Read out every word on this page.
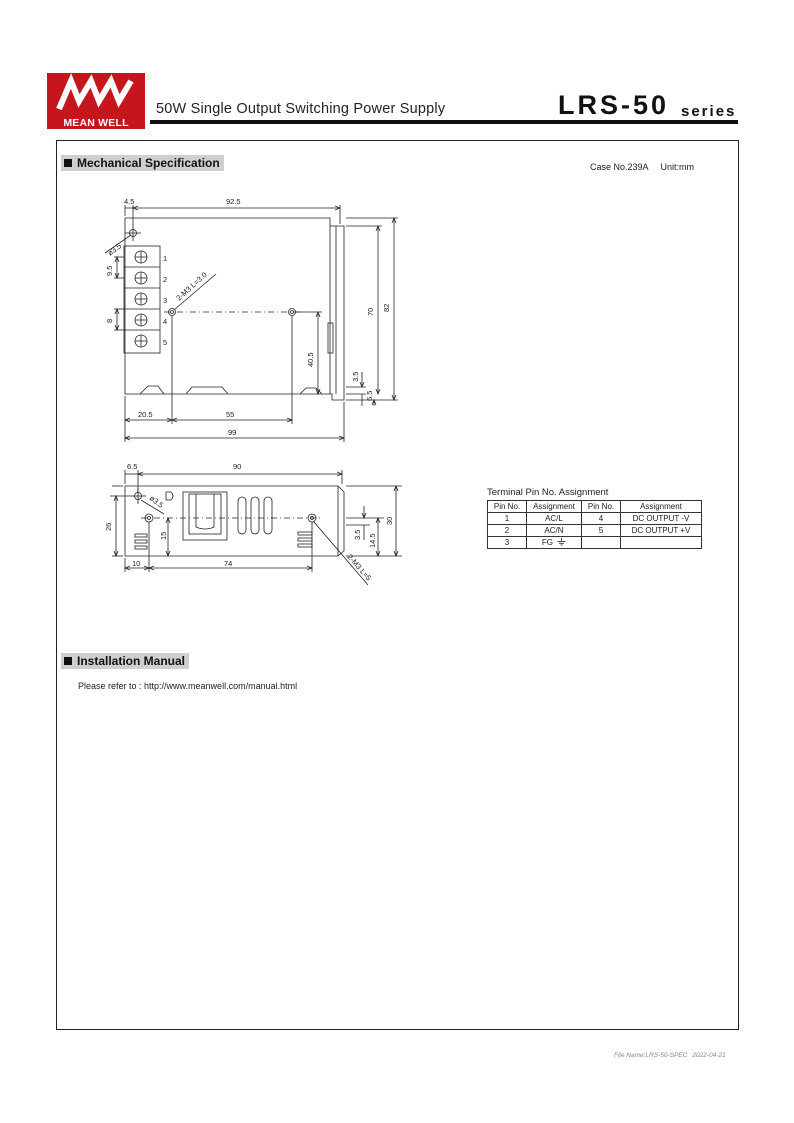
MEAN WELL
50W Single Output Switching Power Supply	LRS-50 series
Mechanical Specification	Case No.239A Unit:mm
4.5	92.5
ø3.5
9.5
8
2-M3 L=3.0
70 82
40.5
3.5
6.5
20.5	55
99
1
2
3
4
5
6.5	90
ø3.5
26
15	3.5 14.5
30
10	74	2-M3 L=5
Terminal Pin No. Assignment
Pin No.	Assignment	Pin No.	Assignment
1	AC/L	4	DC OUTPUT -V
2	AC/N	5	DC OUTPUT +V
3	FG		
Installation Manual
Please refer to : http://www.meanwell.com/manual.html
File Name:LRS-50-SPEC 2022-04-21
